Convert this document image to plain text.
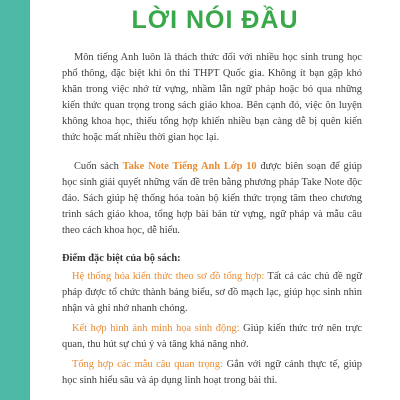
LỜI NÓI ĐẦU

Môn tiếng Anh luôn là thách thức đối với nhiều học sinh trung học phổ thông, đặc biệt khi ôn thi THPT Quốc gia. Không ít bạn gặp khó khăn trong việc nhớ từ vựng, nhầm lẫn ngữ pháp hoặc bỏ qua những kiến thức quan trọng trong sách giáo khoa. Bên cạnh đó, việc ôn luyện không khoa học, thiếu tổng hợp khiến nhiều bạn càng dễ bị quên kiến thức hoặc mất nhiều thời gian học lại.

Cuốn sách Take Note Tiếng Anh Lớp 10 được biên soạn để giúp học sinh giải quyết những vấn đề trên bằng phương pháp Take Note độc đáo. Sách giúp hệ thống hóa toàn bộ kiến thức trọng tâm theo chương trình sách giáo khoa, tổng hợp bài bản từ vựng, ngữ pháp và mẫu câu theo cách khoa học, dễ hiểu.

Điểm đặc biệt của bộ sách:

Hệ thống hóa kiến thức theo sơ đồ tổng hợp: Tất cả các chủ đề ngữ pháp được tổ chức thành bảng biểu, sơ đồ mạch lạc, giúp học sinh nhìn nhận và ghi nhớ nhanh chóng.

Kết hợp hình ảnh minh họa sinh động: Giúp kiến thức trở nên trực quan, thu hút sự chú ý và tăng khả năng nhớ.

Tổng hợp các mẫu câu quan trọng: Gắn với ngữ cảnh thực tế, giúp học sinh hiểu sâu và áp dụng linh hoạt trong bài thi.
